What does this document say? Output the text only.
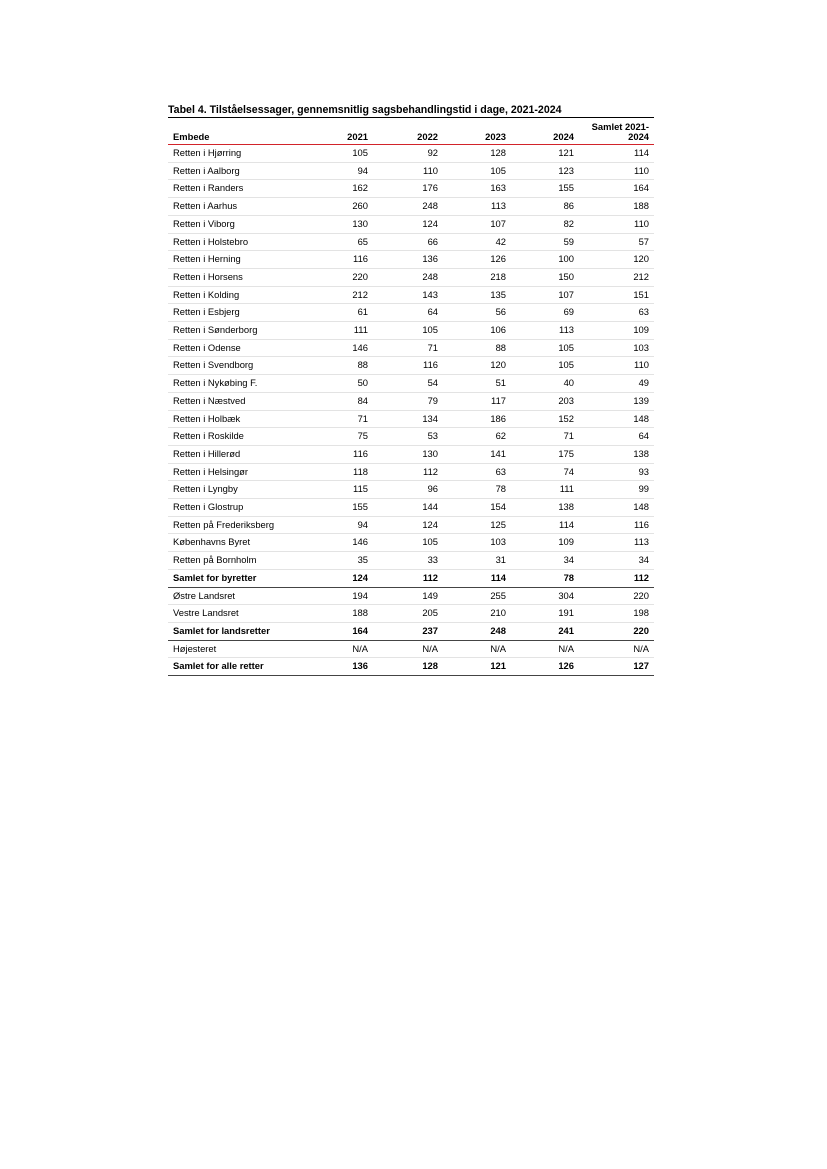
Tabel 4. Tilståelsessager, gennemsnitlig sagsbehandlingstid i dage, 2021-2024
Embede	2021	2022	2023	2024	Samlet 2021-
2024
Retten i Hjørring	105	92	128	121	114
Retten i Aalborg	94	110	105	123	110
Retten i Randers	162	176	163	155	164
Retten i Aarhus	260	248	113	86	188
Retten i Viborg	130	124	107	82	110
Retten i Holstebro	65	66	42	59	57
Retten i Herning	116	136	126	100	120
Retten i Horsens	220	248	218	150	212
Retten i Kolding	212	143	135	107	151
Retten i Esbjerg	61	64	56	69	63
Retten i Sønderborg	111	105	106	113	109
Retten i Odense	146	71	88	105	103
Retten i Svendborg	88	116	120	105	110
Retten i Nykøbing F.	50	54	51	40	49
Retten i Næstved	84	79	117	203	139
Retten i Holbæk	71	134	186	152	148
Retten i Roskilde	75	53	62	71	64
Retten i Hillerød	116	130	141	175	138
Retten i Helsingør	118	112	63	74	93
Retten i Lyngby	115	96	78	111	99
Retten i Glostrup	155	144	154	138	148
Retten på Frederiksberg	94	124	125	114	116
Københavns Byret	146	105	103	109	113
Retten på Bornholm	35	33	31	34	34
Samlet for byretter	124	112	114	78	112
Østre Landsret	194	149	255	304	220
Vestre Landsret	188	205	210	191	198
Samlet for landsretter	164	237	248	241	220
Højesteret	N/A	N/A	N/A	N/A	N/A
Samlet for alle retter	136	128	121	126	127
